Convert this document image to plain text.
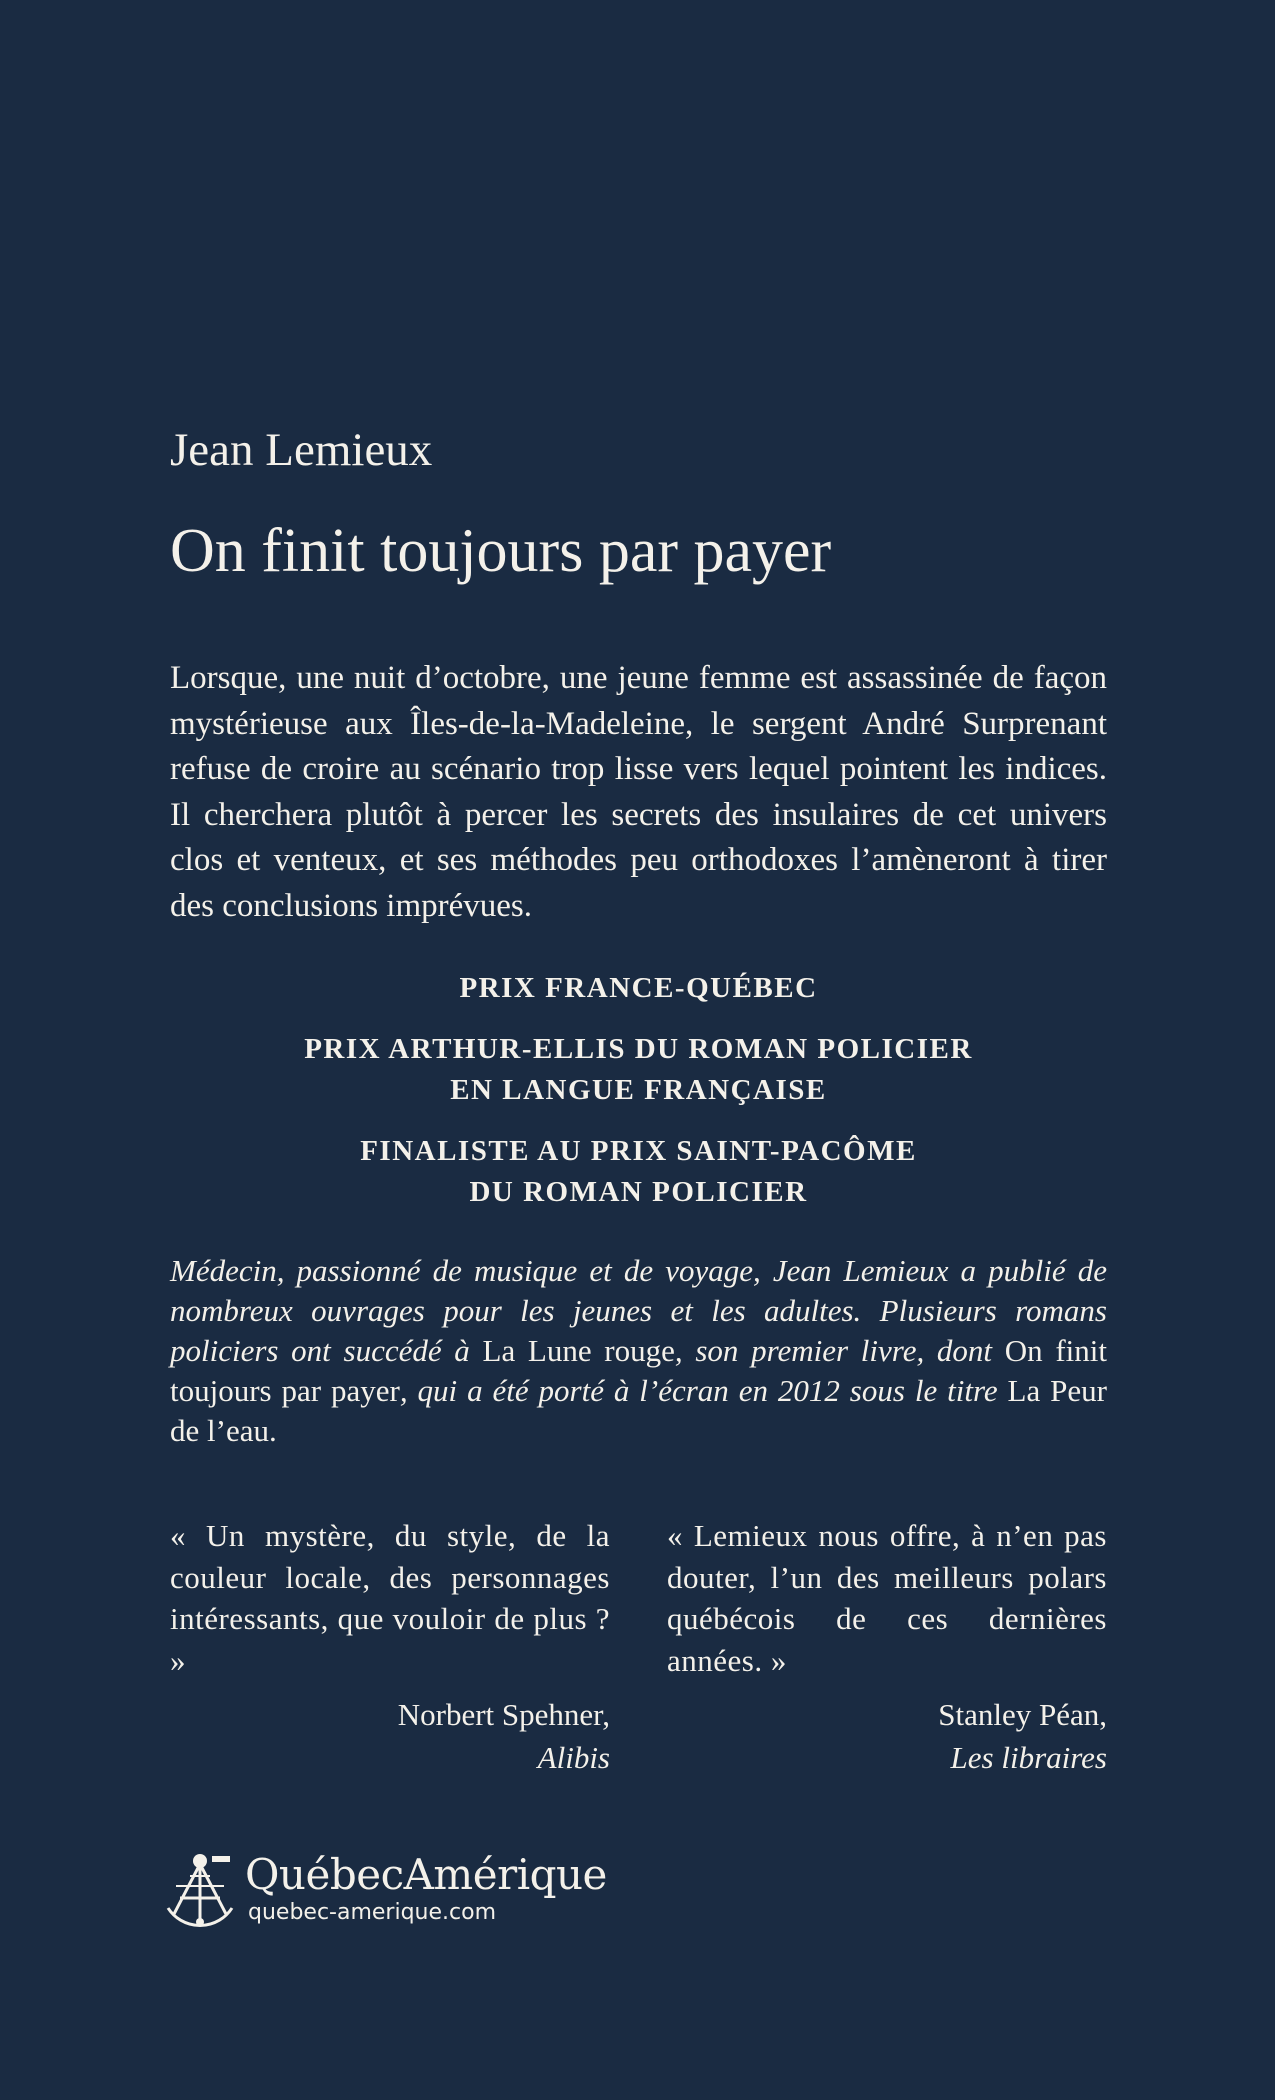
Jean Lemieux
On finit toujours par payer

Lorsque, une nuit d’octobre, une jeune femme est assassinée de façon mystérieuse aux Îles-de-la-Madeleine, le sergent André Surprenant refuse de croire au scénario trop lisse vers lequel pointent les indices. Il cherchera plutôt à percer les secrets des insulaires de cet univers clos et venteux, et ses méthodes peu orthodoxes l’amèneront à tirer des conclusions imprévues.

PRIX FRANCE-QUÉBEC
PRIX ARTHUR-ELLIS DU ROMAN POLICIER
EN LANGUE FRANÇAISE
FINALISTE AU PRIX SAINT-PACÔME
DU ROMAN POLICIER

Médecin, passionné de musique et de voyage, Jean Lemieux a publié de nombreux ouvrages pour les jeunes et les adultes. Plusieurs romans policiers ont succédé à La Lune rouge, son premier livre, dont On finit toujours par payer, qui a été porté à l’écran en 2012 sous le titre La Peur de l’eau.

« Un mystère, du style, de la couleur locale, des personnages intéressants, que vouloir de plus ? »

Norbert Spehner,
Alibis

« Lemieux nous offre, à n’en pas douter, l’un des meilleurs polars québécois de ces dernières années. »

Stanley Péan,
Les libraires
QuébecAmérique
quebec-amerique.com
